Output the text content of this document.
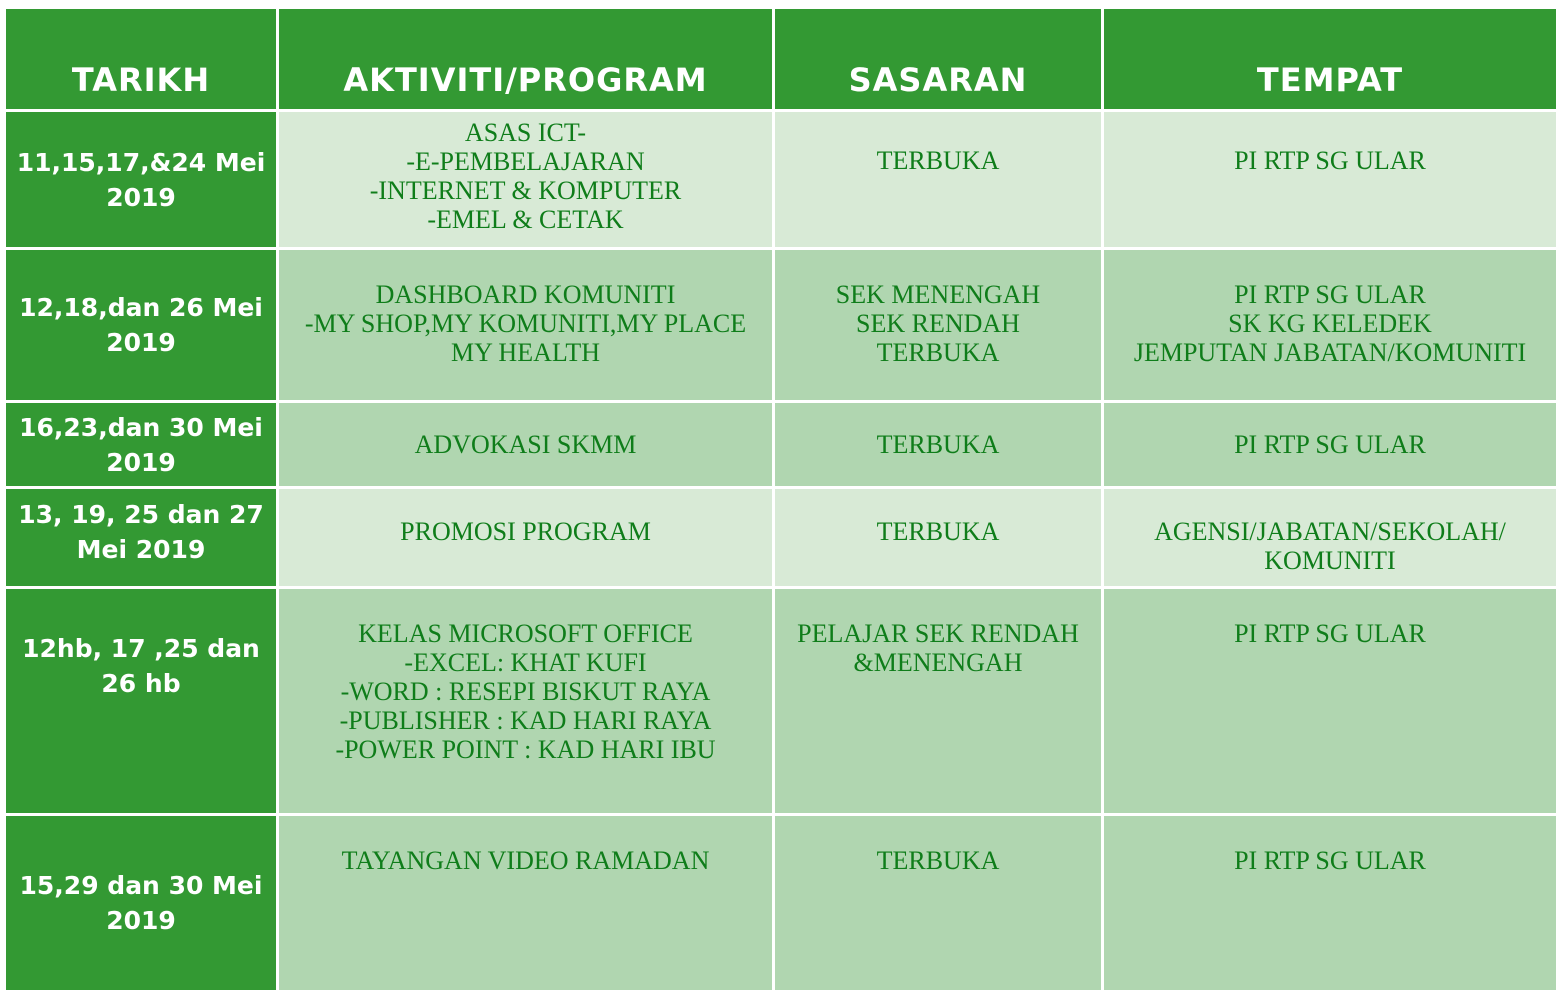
TARIKH	AKTIVITI/PROGRAM	SASARAN	TEMPAT

11,15,17,&24 Mei
2019	ASAS ICT-
-E-PEMBELAJARAN
-INTERNET & KOMPUTER
-EMEL & CETAK	TERBUKA	PI RTP SG ULAR

12,18,dan 26 Mei
2019	DASHBOARD KOMUNITI
-MY SHOP,MY KOMUNITI,MY PLACE
MY HEALTH	SEK MENENGAH
SEK RENDAH
TERBUKA	PI RTP SG ULAR
SK KG KELEDEK
JEMPUTAN JABATAN/KOMUNITI

16,23,dan 30 Mei
2019	ADVOKASI SKMM	TERBUKA	PI RTP SG ULAR

13, 19, 25 dan 27
Mei 2019	PROMOSI PROGRAM	TERBUKA	AGENSI/JABATAN/SEKOLAH/
KOMUNITI

12hb, 17 ,25 dan
26 hb	KELAS MICROSOFT OFFICE
-EXCEL: KHAT KUFI
-WORD : RESEPI BISKUT RAYA
-PUBLISHER : KAD HARI RAYA
-POWER POINT : KAD HARI IBU	PELAJAR SEK RENDAH
&MENENGAH	PI RTP SG ULAR

15,29 dan 30 Mei
2019	TAYANGAN VIDEO RAMADAN	TERBUKA	PI RTP SG ULAR
